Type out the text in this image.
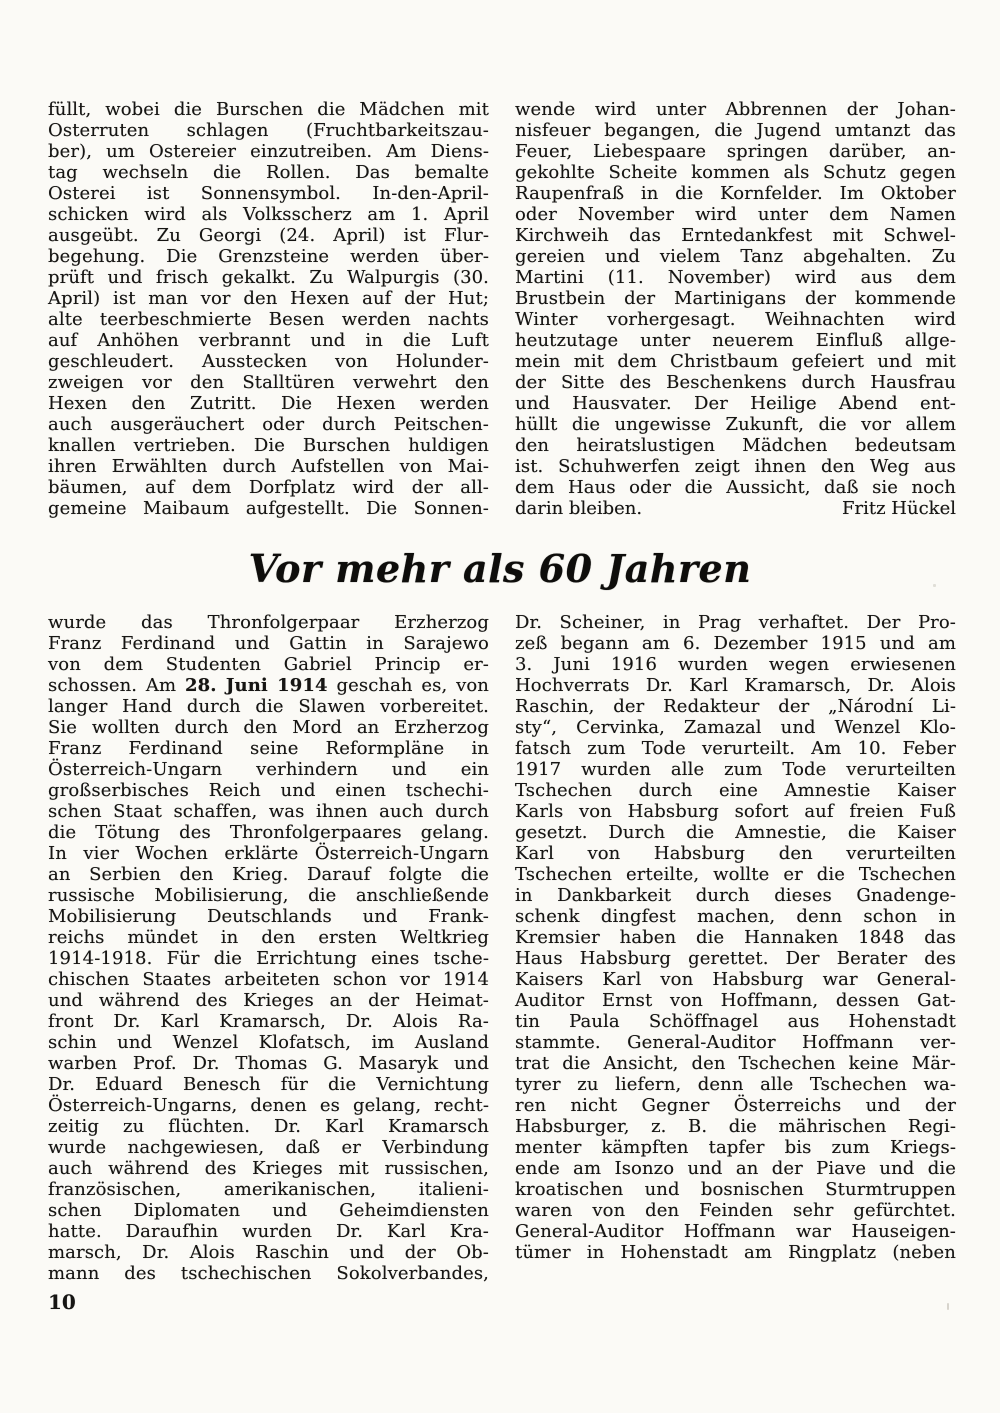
füllt, wobei die Burschen die Mädchen mit
Osterruten schlagen (Fruchtbarkeitszau-
ber), um Ostereier einzutreiben. Am Diens-
tag wechseln die Rollen. Das bemalte
Osterei ist Sonnensymbol. In-den-April-
schicken wird als Volksscherz am 1. April
ausgeübt. Zu Georgi (24. April) ist Flur-
begehung. Die Grenzsteine werden über-
prüft und frisch gekalkt. Zu Walpurgis (30.
April) ist man vor den Hexen auf der Hut;
alte teerbeschmierte Besen werden nachts
auf Anhöhen verbrannt und in die Luft
geschleudert. Ausstecken von Holunder-
zweigen vor den Stalltüren verwehrt den
Hexen den Zutritt. Die Hexen werden
auch ausgeräuchert oder durch Peitschen-
knallen vertrieben. Die Burschen huldigen
ihren Erwählten durch Aufstellen von Mai-
bäumen, auf dem Dorfplatz wird der all-
gemeine Maibaum aufgestellt. Die Sonnen-
wende wird unter Abbrennen der Johan-
nisfeuer begangen, die Jugend umtanzt das
Feuer, Liebespaare springen darüber, an-
gekohlte Scheite kommen als Schutz gegen
Raupenfraß in die Kornfelder. Im Oktober
oder November wird unter dem Namen
Kirchweih das Erntedankfest mit Schwel-
gereien und vielem Tanz abgehalten. Zu
Martini (11. November) wird aus dem
Brustbein der Martinigans der kommende
Winter vorhergesagt. Weihnachten wird
heutzutage unter neuerem Einfluß allge-
mein mit dem Christbaum gefeiert und mit
der Sitte des Beschenkens durch Hausfrau
und Hausvater. Der Heilige Abend ent-
hüllt die ungewisse Zukunft, die vor allem
den heiratslustigen Mädchen bedeutsam
ist. Schuhwerfen zeigt ihnen den Weg aus
dem Haus oder die Aussicht, daß sie noch
darin bleiben.	Fritz Hückel
Vor mehr als 60 Jahren
wurde das Thronfolgerpaar Erzherzog
Franz Ferdinand und Gattin in Sarajewo
von dem Studenten Gabriel Princip er-
schossen. Am 28. Juni 1914 geschah es, von
langer Hand durch die Slawen vorbereitet.
Sie wollten durch den Mord an Erzherzog
Franz Ferdinand seine Reformpläne in
Österreich-Ungarn verhindern und ein
großserbisches Reich und einen tschechi-
schen Staat schaffen, was ihnen auch durch
die Tötung des Thronfolgerpaares gelang.
In vier Wochen erklärte Österreich-Ungarn
an Serbien den Krieg. Darauf folgte die
russische Mobilisierung, die anschließende
Mobilisierung Deutschlands und Frank-
reichs mündet in den ersten Weltkrieg
1914-1918. Für die Errichtung eines tsche-
chischen Staates arbeiteten schon vor 1914
und während des Krieges an der Heimat-
front Dr. Karl Kramarsch, Dr. Alois Ra-
schin und Wenzel Klofatsch, im Ausland
warben Prof. Dr. Thomas G. Masaryk und
Dr. Eduard Benesch für die Vernichtung
Österreich-Ungarns, denen es gelang, recht-
zeitig zu flüchten. Dr. Karl Kramarsch
wurde nachgewiesen, daß er Verbindung
auch während des Krieges mit russischen,
französischen, amerikanischen, italieni-
schen Diplomaten und Geheimdiensten
hatte. Daraufhin wurden Dr. Karl Kra-
marsch, Dr. Alois Raschin und der Ob-
mann des tschechischen Sokolverbandes,
Dr. Scheiner, in Prag verhaftet. Der Pro-
zeß begann am 6. Dezember 1915 und am
3. Juni 1916 wurden wegen erwiesenen
Hochverrats Dr. Karl Kramarsch, Dr. Alois
Raschin, der Redakteur der „Národní Li-
sty“, Cervinka, Zamazal und Wenzel Klo-
fatsch zum Tode verurteilt. Am 10. Feber
1917 wurden alle zum Tode verurteilten
Tschechen durch eine Amnestie Kaiser
Karls von Habsburg sofort auf freien Fuß
gesetzt. Durch die Amnestie, die Kaiser
Karl von Habsburg den verurteilten
Tschechen erteilte, wollte er die Tschechen
in Dankbarkeit durch dieses Gnadenge-
schenk dingfest machen, denn schon in
Kremsier haben die Hannaken 1848 das
Haus Habsburg gerettet. Der Berater des
Kaisers Karl von Habsburg war General-
Auditor Ernst von Hoffmann, dessen Gat-
tin Paula Schöffnagel aus Hohenstadt
stammte. General-Auditor Hoffmann ver-
trat die Ansicht, den Tschechen keine Mär-
tyrer zu liefern, denn alle Tschechen wa-
ren nicht Gegner Österreichs und der
Habsburger, z. B. die mährischen Regi-
menter kämpften tapfer bis zum Kriegs-
ende am Isonzo und an der Piave und die
kroatischen und bosnischen Sturmtruppen
waren von den Feinden sehr gefürchtet.
General-Auditor Hoffmann war Hauseigen-
tümer in Hohenstadt am Ringplatz (neben
10
